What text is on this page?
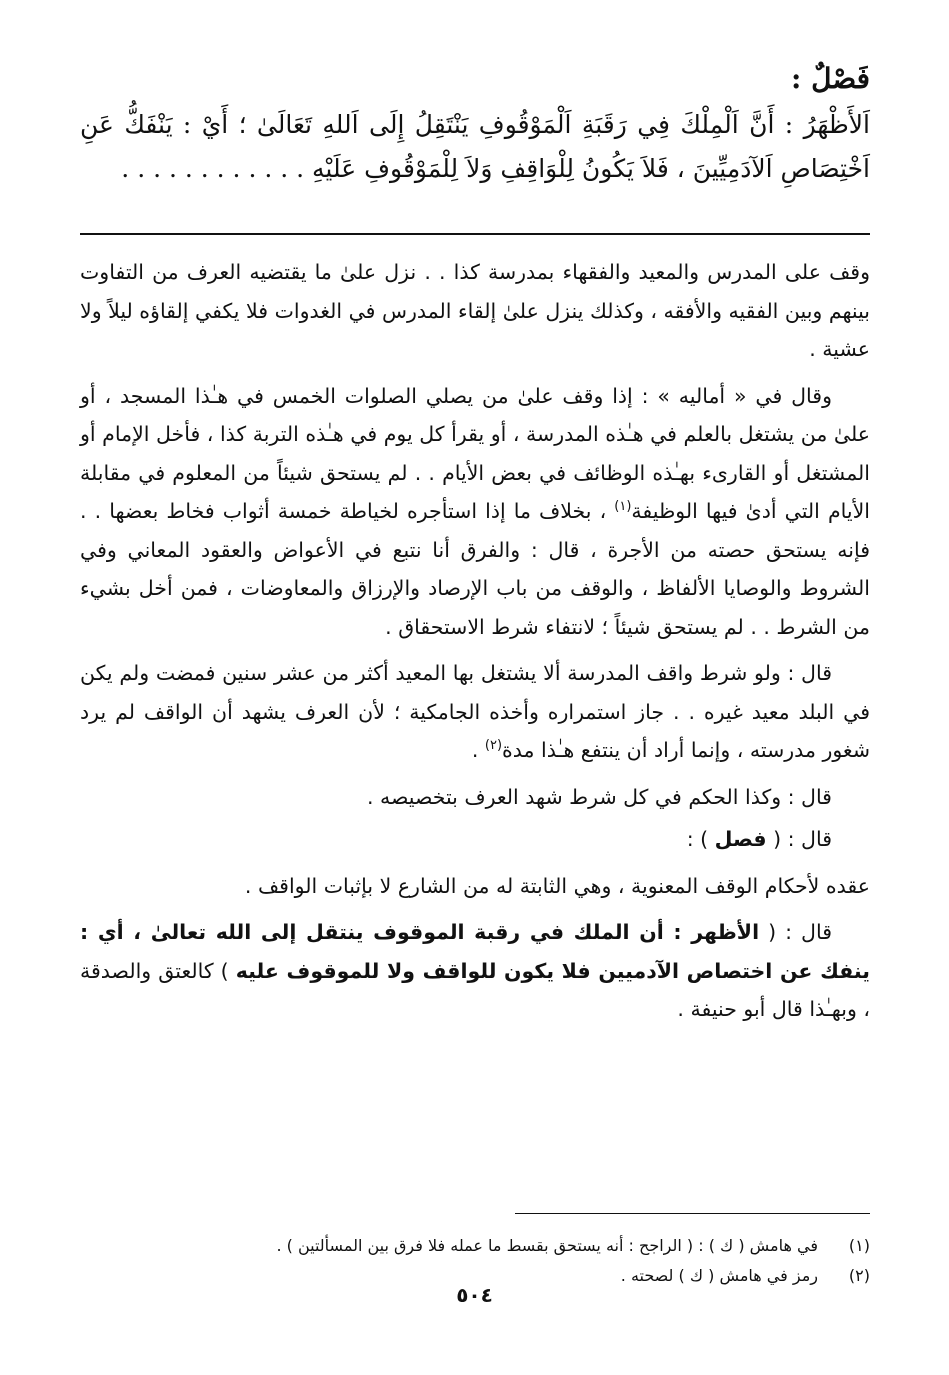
فَصْلٌ :

اَلأَظْهَرُ : أَنَّ اَلْمِلْكَ فِي رَقَبَةِ اَلْمَوْقُوفِ يَنْتَقِلُ إِلَى اَللهِ تَعَالَىٰ ؛ أَيْ : يَنْفَكُّ عَنِ اَخْتِصَاصِ اَلآدَمِيِّينَ ، فَلاَ يَكُونُ لِلْوَاقِفِ وَلاَ لِلْمَوْقُوفِ عَلَيْهِ . . . . . . . . . . . .

وقف على المدرس والمعيد والفقهاء بمدرسة كذا . . نزل علىٰ ما يقتضيه العرف من التفاوت بينهم وبين الفقيه والأفقه ، وكذلك ينزل علىٰ إلقاء المدرس في الغدوات فلا يكفي إلقاؤه ليلاً ولا عشية .

وقال في « أماليه » : إذا وقف علىٰ من يصلي الصلوات الخمس في هـٰذا المسجد ، أو علىٰ من يشتغل بالعلم في هـٰذه المدرسة ، أو يقرأ كل يوم في هـٰذه التربة كذا ، فأخل الإمام أو المشتغل أو القارىء بهـٰذه الوظائف في بعض الأيام . . لم يستحق شيئاً من المعلوم في مقابلة الأيام التي أدىٰ فيها الوظيفة$^{(١)}$ ، بخلاف ما إذا استأجره لخياطة خمسة أثواب فخاط بعضها . . فإنه يستحق حصته من الأجرة ، قال : والفرق أنا نتبع في الأعواض والعقود المعاني وفي الشروط والوصايا الألفاظ ، والوقف من باب الإرصاد والإرزاق والمعاوضات ، فمن أخل بشيء من الشرط . . لم يستحق شيئاً ؛ لانتفاء شرط الاستحقاق .

قال : ولو شرط واقف المدرسة ألا يشتغل بها المعيد أكثر من عشر سنين فمضت ولم يكن في البلد معيد غيره . . جاز استمراره وأخذه الجامكية ؛ لأن العرف يشهد أن الواقف لم يرد شغور مدرسته ، وإنما أراد أن ينتفع هـٰذا مدة$^{(٢)}$ .

قال : وكذا الحكم في كل شرط شهد العرف بتخصيصه .

قال : ( فصل ) :

عقده لأحكام الوقف المعنوية ، وهي الثابتة له من الشارع لا بإثبات الواقف .

قال : ( الأظهر : أن الملك في رقبة الموقوف ينتقل إلى الله تعالىٰ ، أي : ينفك عن اختصاص الآدميين فلا يكون للواقف ولا للموقوف عليه ) كالعتق والصدقة ، وبهـٰذا قال أبو حنيفة .

(١)
في هامش ( ك ) : ( الراجح : أنه يستحق بقسط ما عمله فلا فرق بين المسألتين ) .

(٢)
رمز في هامش ( ك ) لصحته .

٥٠٤
